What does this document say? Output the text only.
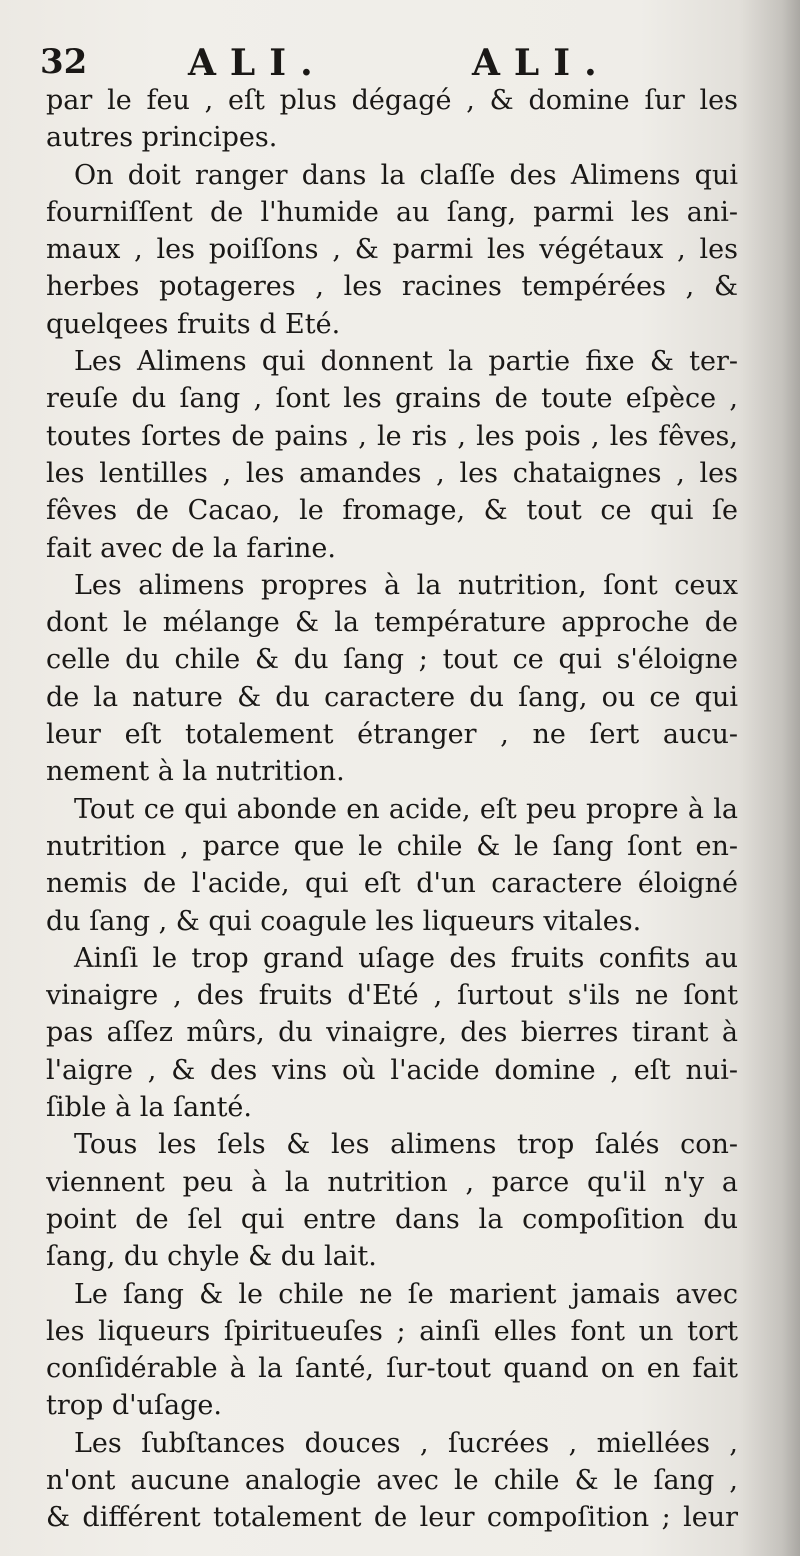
32	ALI.	ALI.
par le feu , eſt plus dégagé , & domine ſur les
autres principes.
On doit ranger dans la claſſe des Alimens qui
fourniſſent de l'humide au ſang, parmi les ani-
maux , les poiſſons , & parmi les végétaux , les
herbes potageres , les racines tempérées , &
quelqees fruits d Eté.
Les Alimens qui donnent la partie fixe & ter-
reuſe du ſang , ſont les grains de toute eſpèce ,
toutes ſortes de pains , le ris , les pois , les fêves,
les lentilles , les amandes , les chataignes , les
fêves de Cacao, le fromage, & tout ce qui ſe
fait avec de la farine.
Les alimens propres à la nutrition, ſont ceux
dont le mélange & la température approche de
celle du chile & du ſang ; tout ce qui s'éloigne
de la nature & du caractere du ſang, ou ce qui
leur eſt totalement étranger , ne ſert aucu-
nement à la nutrition.
Tout ce qui abonde en acide, eſt peu propre à la
nutrition , parce que le chile & le ſang ſont en-
nemis de l'acide, qui eſt d'un caractere éloigné
du ſang , & qui coagule les liqueurs vitales.
Ainſi le trop grand uſage des fruits confits au
vinaigre , des fruits d'Eté , ſurtout s'ils ne ſont
pas aſſez mûrs, du vinaigre, des bierres tirant à
l'aigre , & des vins où l'acide domine , eſt nui-
ſible à la ſanté.
Tous les ſels & les alimens trop ſalés con-
viennent peu à la nutrition , parce qu'il n'y a
point de ſel qui entre dans la compoſition du
ſang, du chyle & du lait.
Le ſang & le chile ne ſe marient jamais avec
les liqueurs ſpiritueuſes ; ainſi elles font un tort
conſidérable à la ſanté, ſur-tout quand on en fait
trop d'uſage.
Les ſubſtances douces , ſucrées , miellées ,
n'ont aucune analogie avec le chile & le ſang ,
& différent totalement de leur compoſition ; leur
